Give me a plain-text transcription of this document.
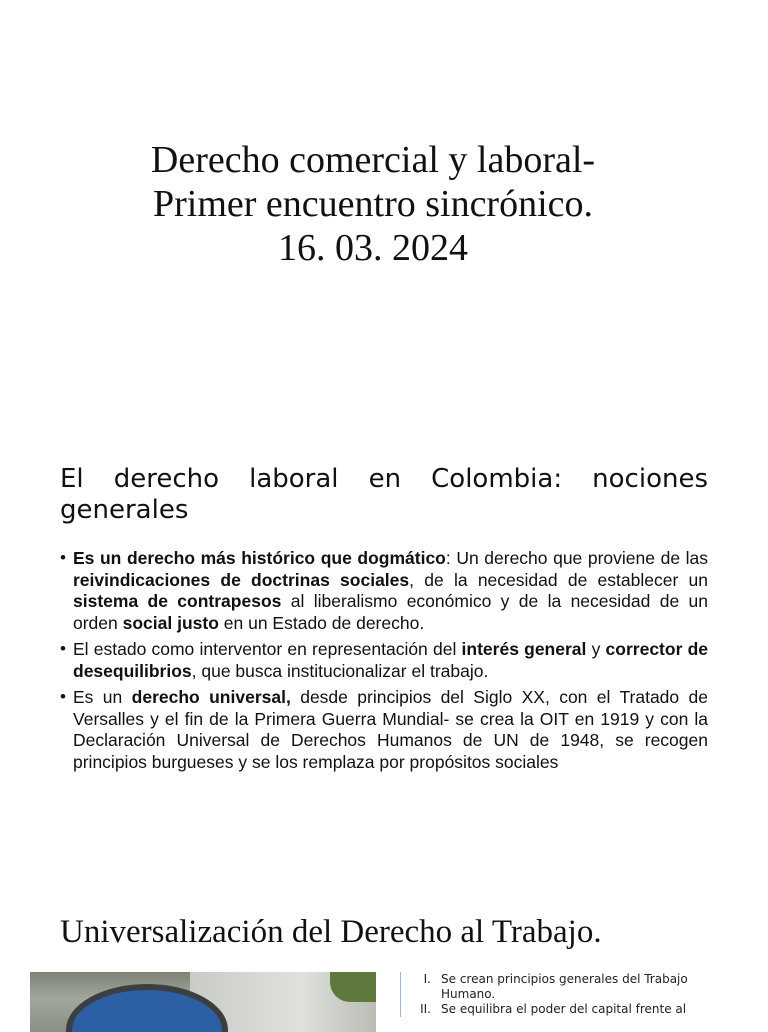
Derecho comercial y laboral-
Primer encuentro sincrónico.
16. 03. 2024
El derecho laboral en Colombia: nociones generales
• Es un derecho más histórico que dogmático: Un derecho que proviene de las reivindicaciones de doctrinas sociales, de la necesidad de establecer un sistema de contrapesos al liberalismo económico y de la necesidad de un orden social justo en un Estado de derecho.
• El estado como interventor en representación del interés general y corrector de desequilibrios, que busca institucionalizar el trabajo.
• Es un derecho universal, desde principios del Siglo XX, con el Tratado de Versalles y el fin de la Primera Guerra Mundial- se crea la OIT en 1919 y con la Declaración Universal de Derechos Humanos de UN de 1948, se recogen principios burgueses y se los remplaza por propósitos sociales
Universalización del Derecho al Trabajo.
I. Se crean principios generales del Trabajo Humano.
II. Se equilibra el poder del capital frente al
